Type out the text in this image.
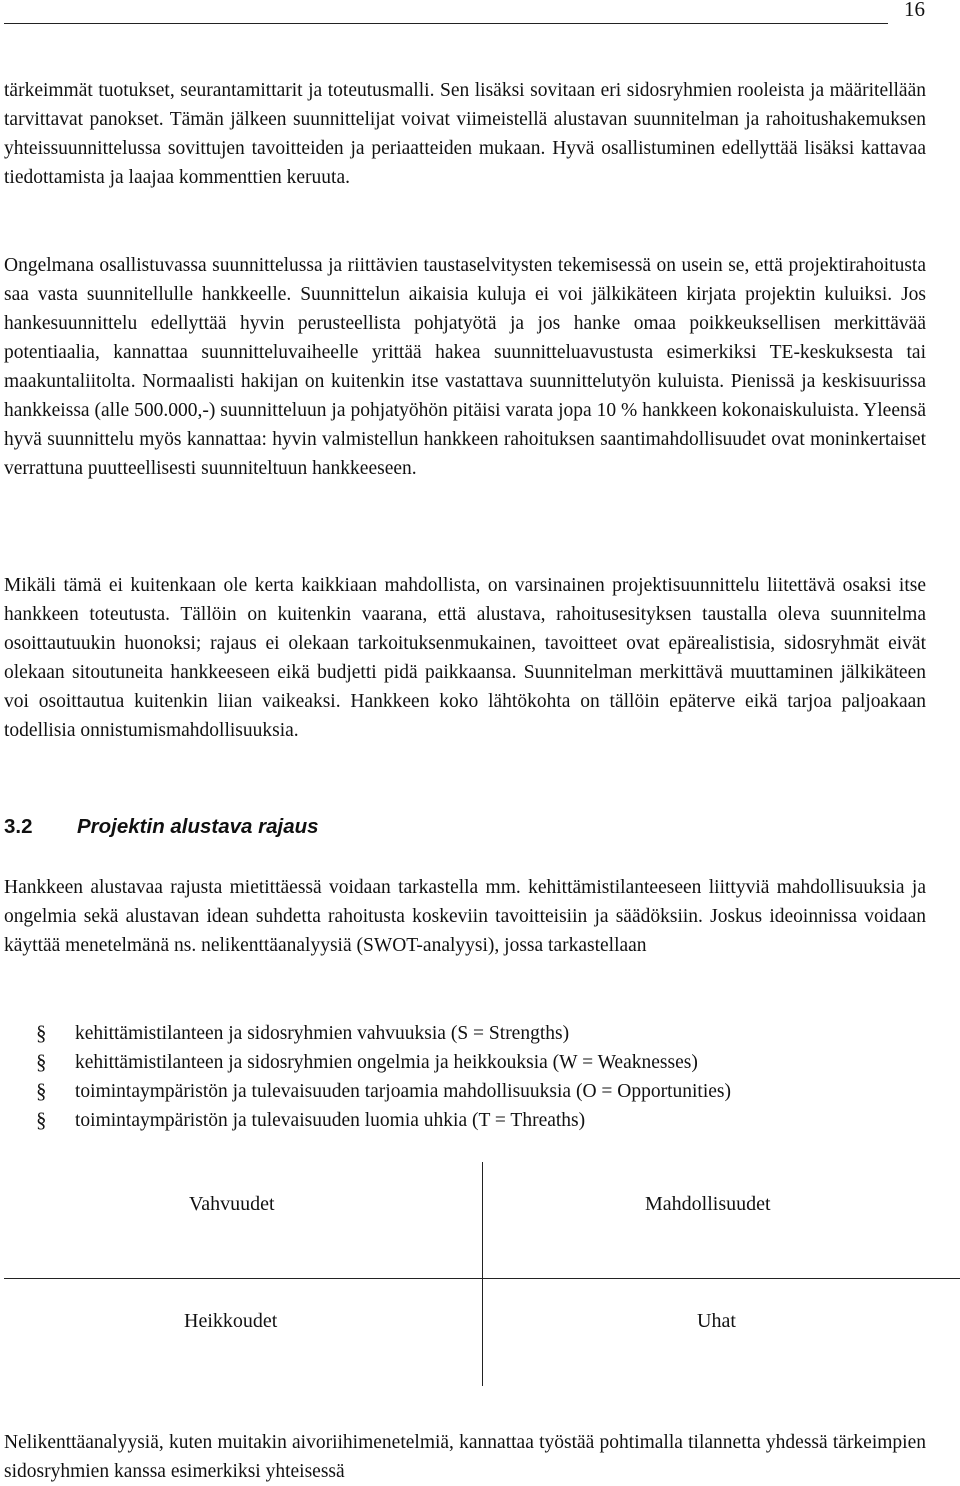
16

tärkeimmät tuotukset, seurantamittarit ja toteutusmalli. Sen lisäksi sovitaan eri sidosryhmien rooleista ja määritellään tarvittavat panokset. Tämän jälkeen suunnittelijat voivat viimeistellä alustavan suunnitelman ja rahoitushakemuksen yhteissuunnittelussa sovittujen tavoitteiden ja periaatteiden mukaan. Hyvä osallistuminen edellyttää lisäksi kattavaa tiedottamista ja laajaa kommenttien keruuta.

Ongelmana osallistuvassa suunnittelussa ja riittävien taustaselvitysten tekemisessä on usein se, että projektirahoitusta saa vasta suunnitellulle hankkeelle. Suunnittelun aikaisia kuluja ei voi jälkikäteen kirjata projektin kuluiksi. Jos hankesuunnittelu edellyttää hyvin perusteellista pohjatyötä ja jos hanke omaa poikkeuksellisen merkittävää potentiaalia, kannattaa suunnitteluvaiheelle yrittää hakea suunnitteluavustusta esimerkiksi TE-keskuksesta tai maakuntaliitolta. Normaalisti hakijan on kuitenkin itse vastattava suunnittelutyön kuluista. Pienissä ja keskisuurissa hankkeissa (alle 500.000,-) suunnitteluun ja pohjatyöhön pitäisi varata jopa 10 % hankkeen kokonaiskuluista. Yleensä hyvä suunnittelu myös kannattaa: hyvin valmistellun hankkeen rahoituksen saantimahdollisuudet ovat moninkertaiset verrattuna puutteellisesti suunniteltuun hankkeeseen.

Mikäli tämä ei kuitenkaan ole kerta kaikkiaan mahdollista, on varsinainen projektisuunnittelu liitettävä osaksi itse hankkeen toteutusta. Tällöin on kuitenkin vaarana, että alustava, rahoitusesityksen taustalla oleva suunnitelma osoittautuukin huonoksi; rajaus ei olekaan tarkoituksenmukainen, tavoitteet ovat epärealistisia, sidosryhmät eivät olekaan sitoutuneita hankkeeseen eikä budjetti pidä paikkaansa. Suunnitelman merkittävä muuttaminen jälkikäteen voi osoittautua kuitenkin liian vaikeaksi. Hankkeen koko lähtökohta on tällöin epäterve eikä tarjoa paljoakaan todellisia onnistumismahdollisuuksia.

3.2 Projektin alustava rajaus

Hankkeen alustavaa rajusta mietittäessä voidaan tarkastella mm. kehittämistilanteeseen liittyviä mahdollisuuksia ja ongelmia sekä alustavan idean suhdetta rahoitusta koskeviin tavoitteisiin ja säädöksiin. Joskus ideoinnissa voidaan käyttää menetelmänä ns. nelikenttäanalyysiä (SWOT-analyysi), jossa tarkastellaan

§ kehittämistilanteen ja sidosryhmien vahvuuksia (S = Strengths)
§ kehittämistilanteen ja sidosryhmien ongelmia ja heikkouksia (W = Weaknesses)
§ toimintaympäristön ja tulevaisuuden tarjoamia mahdollisuuksia (O = Opportunities)
§ toimintaympäristön ja tulevaisuuden luomia uhkia (T = Threaths)
Vahvuudet	Mahdollisuudet
Heikkoudet	Uhat

Nelikenttäanalyysiä, kuten muitakin aivoriihimenetelmiä, kannattaa työstää pohtimalla tilannetta yhdessä tärkeimpien sidosryhmien kanssa esimerkiksi yhteisessä
